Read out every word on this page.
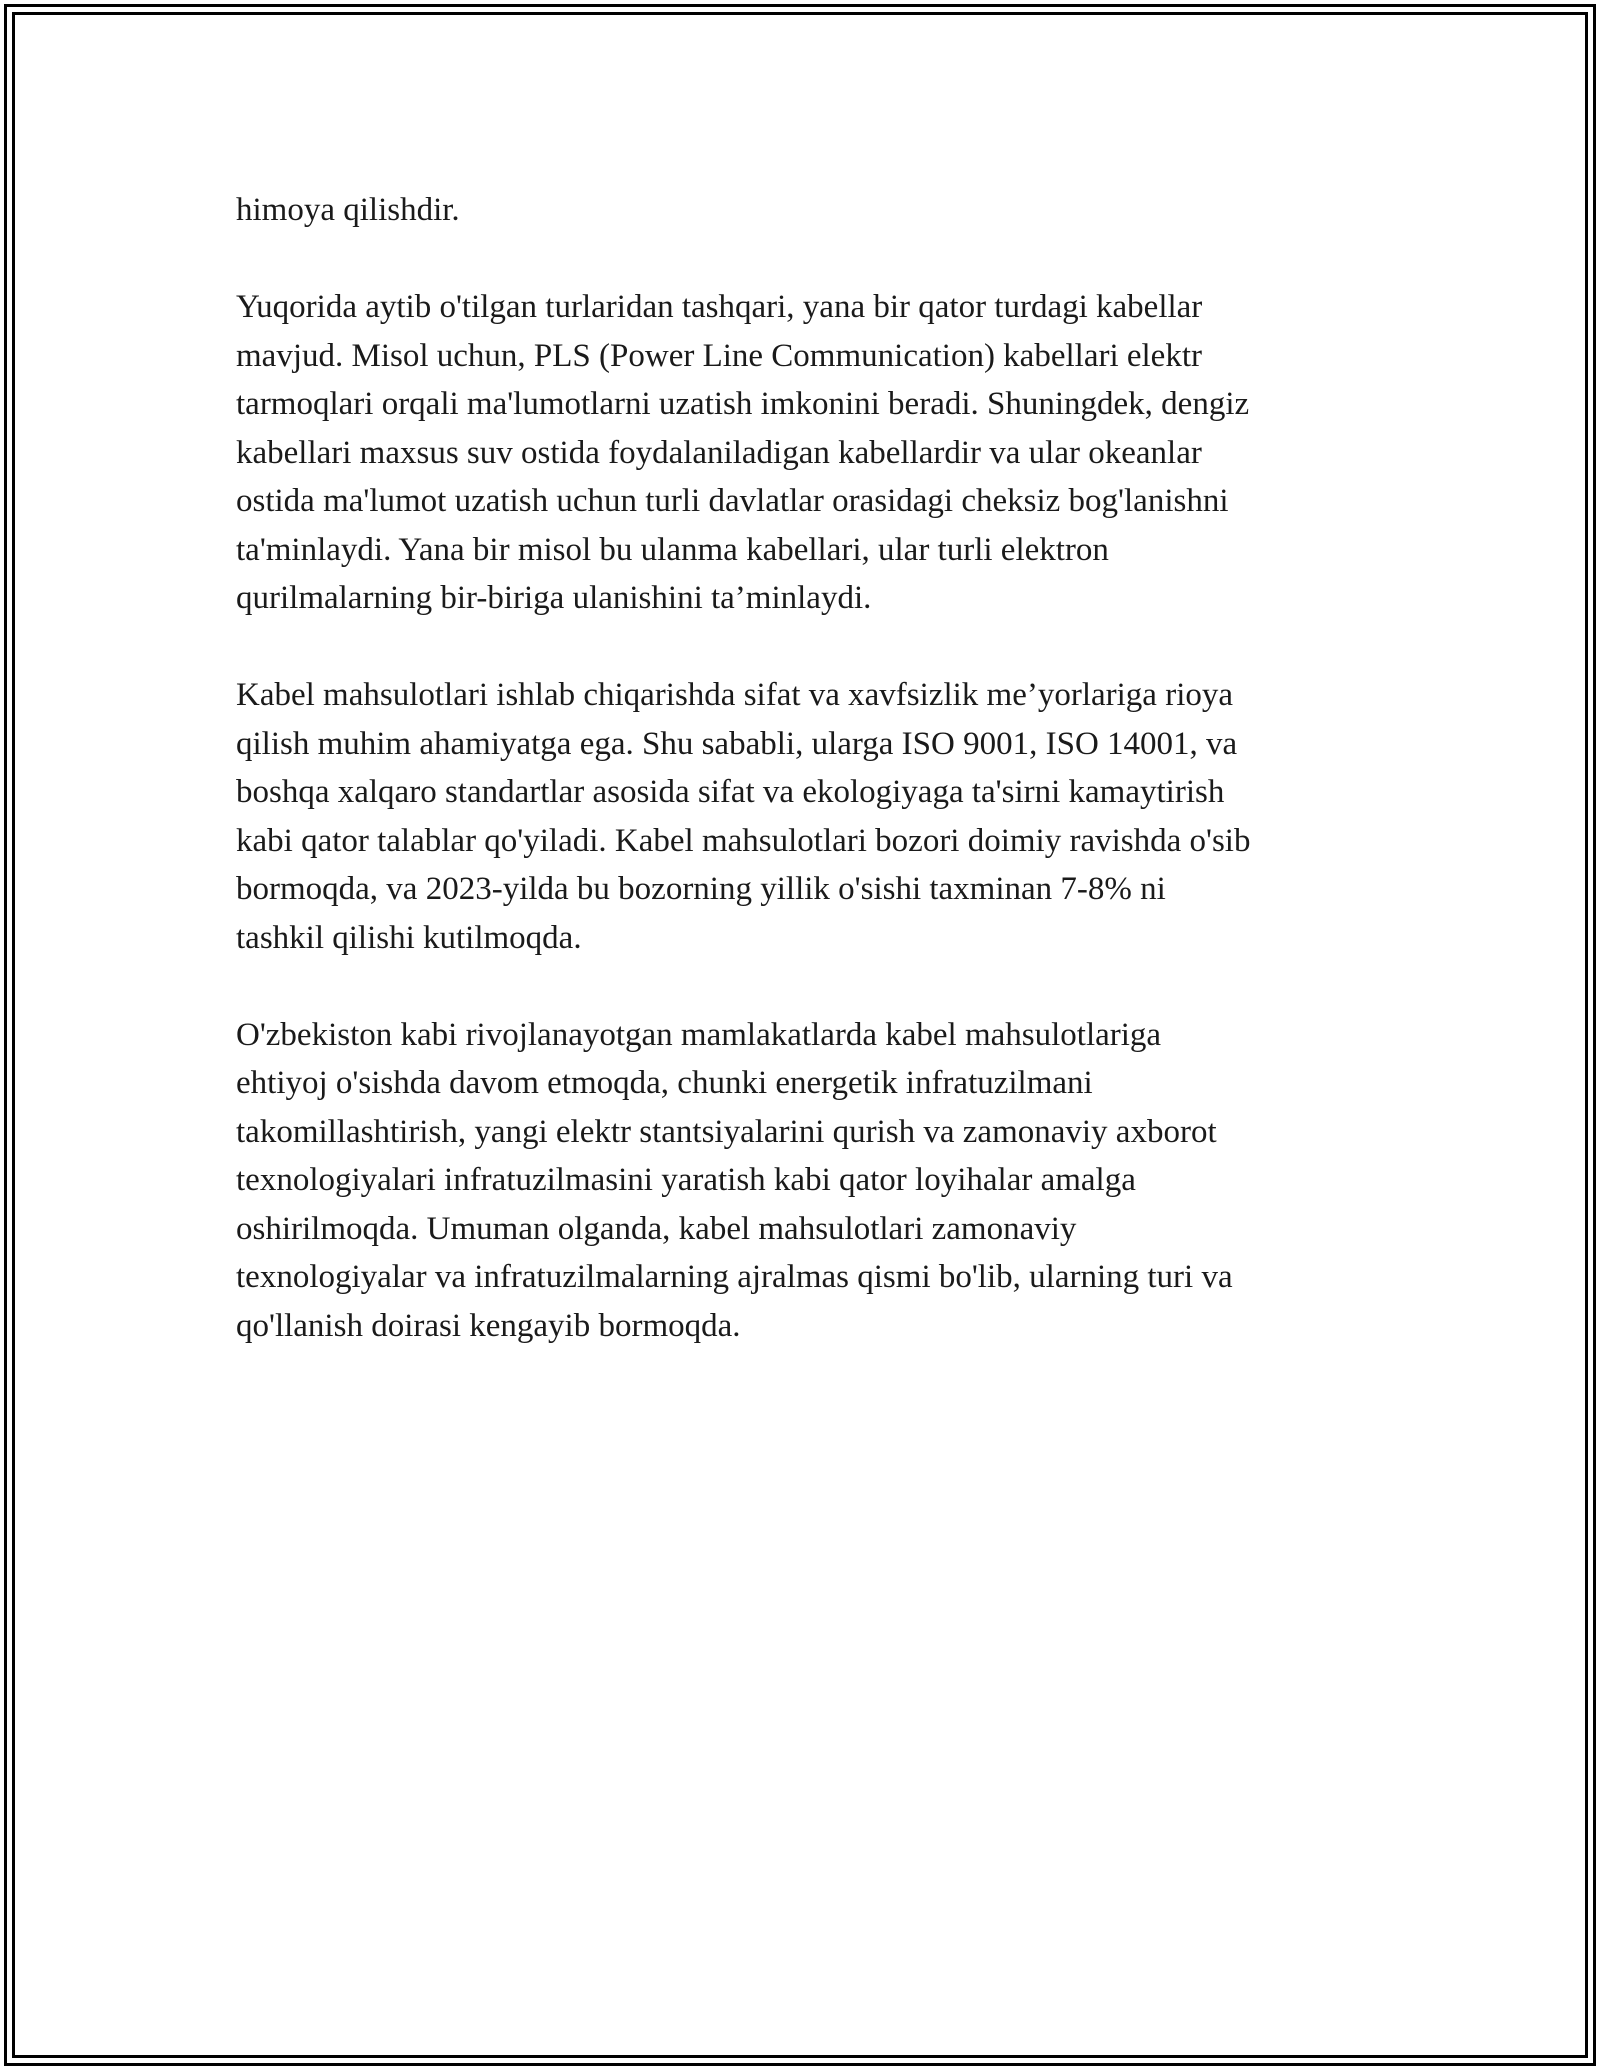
himoya qilishdir.

Yuqorida aytib o'tilgan turlaridan tashqari, yana bir qator turdagi kabellar
mavjud. Misol uchun, PLS (Power Line Communication) kabellari elektr
tarmoqlari orqali ma'lumotlarni uzatish imkonini beradi. Shuningdek, dengiz
kabellari maxsus suv ostida foydalaniladigan kabellardir va ular okeanlar
ostida ma'lumot uzatish uchun turli davlatlar orasidagi cheksiz bog'lanishni
ta'minlaydi. Yana bir misol bu ulanma kabellari, ular turli elektron
qurilmalarning bir-biriga ulanishini ta’minlaydi.

Kabel mahsulotlari ishlab chiqarishda sifat va xavfsizlik me’yorlariga rioya
qilish muhim ahamiyatga ega. Shu sababli, ularga ISO 9001, ISO 14001, va
boshqa xalqaro standartlar asosida sifat va ekologiyaga ta'sirni kamaytirish
kabi qator talablar qo'yiladi. Kabel mahsulotlari bozori doimiy ravishda o'sib
bormoqda, va 2023-yilda bu bozorning yillik o'sishi taxminan 7-8% ni
tashkil qilishi kutilmoqda.

O'zbekiston kabi rivojlanayotgan mamlakatlarda kabel mahsulotlariga
ehtiyoj o'sishda davom etmoqda, chunki energetik infratuzilmani
takomillashtirish, yangi elektr stantsiyalarini qurish va zamonaviy axborot
texnologiyalari infratuzilmasini yaratish kabi qator loyihalar amalga
oshirilmoqda. Umuman olganda, kabel mahsulotlari zamonaviy
texnologiyalar va infratuzilmalarning ajralmas qismi bo'lib, ularning turi va
qo'llanish doirasi kengayib bormoqda.
